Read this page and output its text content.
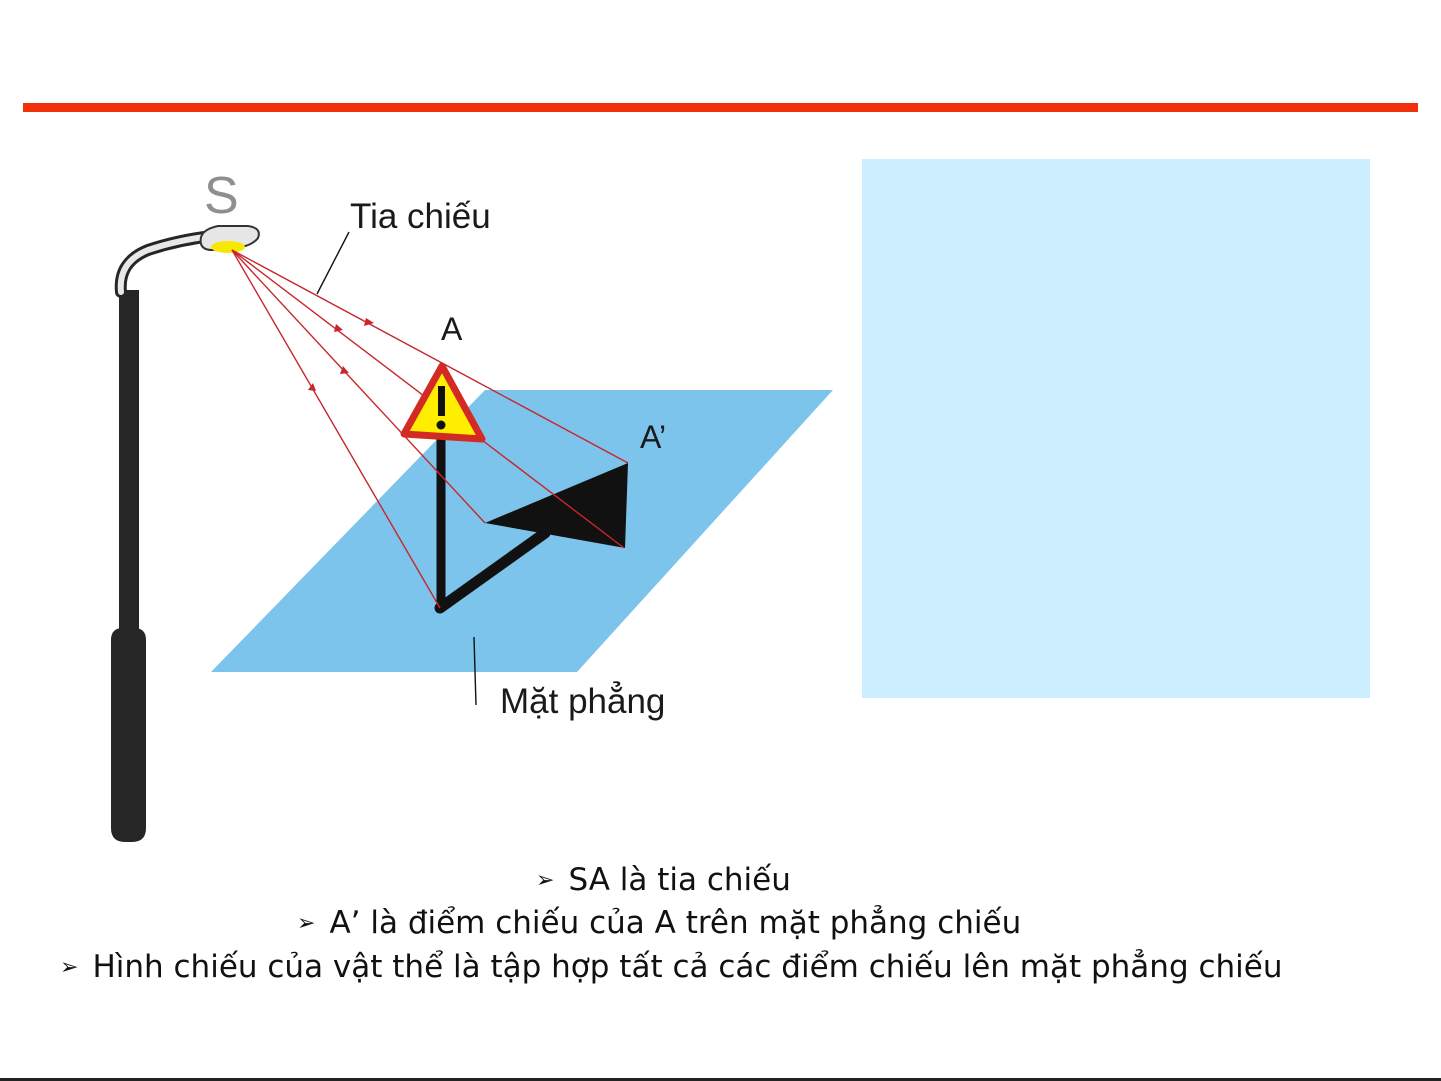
S	Tia chiếu
A
A’
Mặt phẳng
➢ SA là tia chiếu
➢ A’ là điểm chiếu của A trên mặt phẳng chiếu
➢ Hình chiếu của vật thể là tập hợp tất cả các điểm chiếu lên mặt phẳng chiếu
